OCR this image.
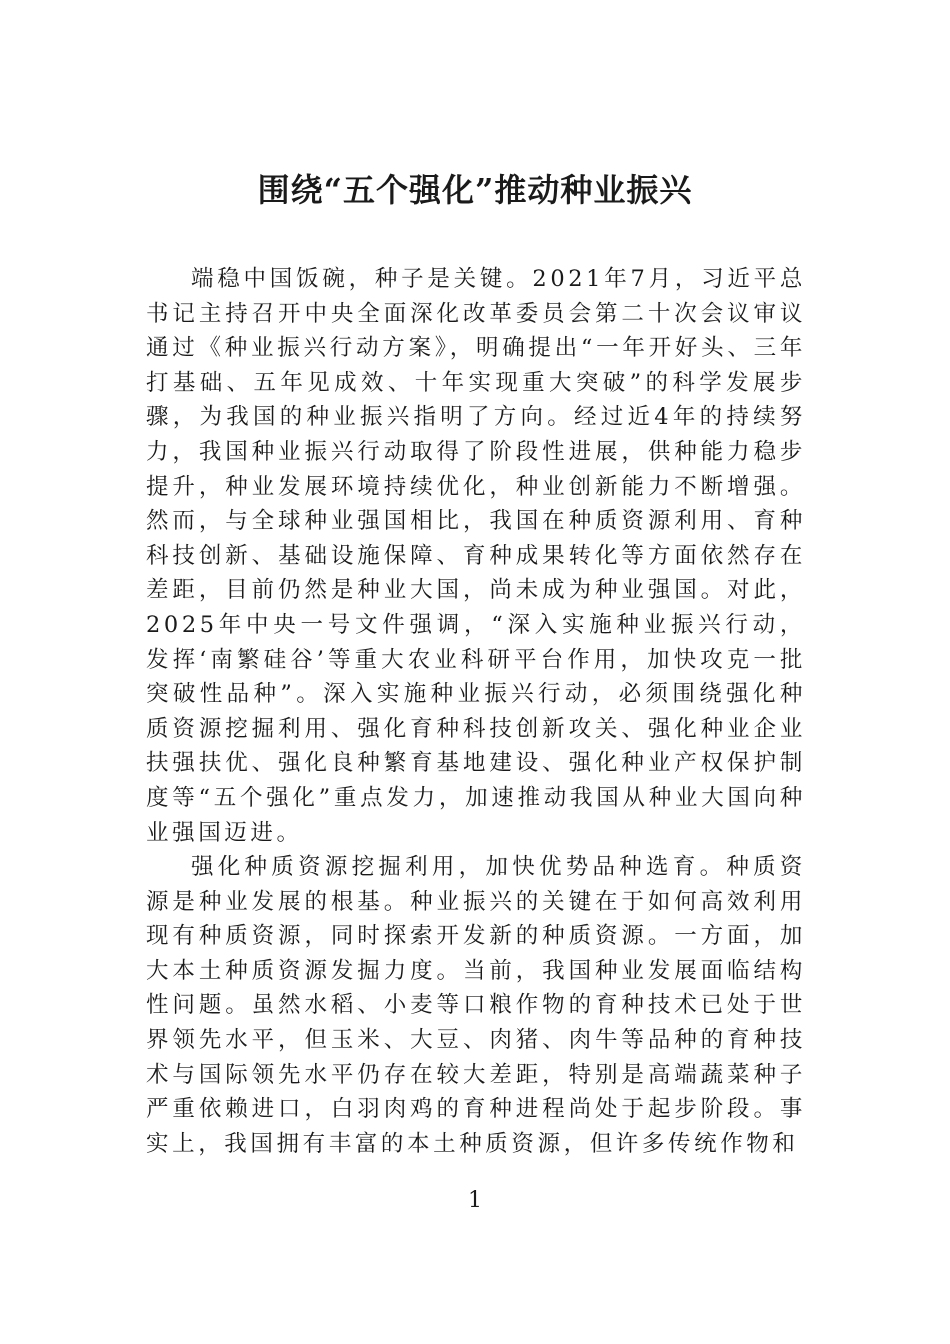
围绕“五个强化”推动种业振兴

端稳中国饭碗，种子是关键。2021年7月，习近平总书记主持召开中央全面深化改革委员会第二十次会议审议通过《种业振兴行动方案》，明确提出“一年开好头、三年打基础、五年见成效、十年实现重大突破”的科学发展步骤，为我国的种业振兴指明了方向。经过近4年的持续努力，我国种业振兴行动取得了阶段性进展，供种能力稳步提升，种业发展环境持续优化，种业创新能力不断增强。然而，与全球种业强国相比，我国在种质资源利用、育种科技创新、基础设施保障、育种成果转化等方面依然存在差距，目前仍然是种业大国，尚未成为种业强国。对此，2025年中央一号文件强调，“深入实施种业振兴行动，发挥‘南繁硅谷’等重大农业科研平台作用，加快攻克一批突破性品种”。深入实施种业振兴行动，必须围绕强化种质资源挖掘利用、强化育种科技创新攻关、强化种业企业扶强扶优、强化良种繁育基地建设、强化种业产权保护制度等“五个强化”重点发力，加速推动我国从种业大国向种业强国迈进。

强化种质资源挖掘利用，加快优势品种选育。种质资源是种业发展的根基。种业振兴的关键在于如何高效利用现有种质资源，同时探索开发新的种质资源。一方面，加大本土种质资源发掘力度。当前，我国种业发展面临结构性问题。虽然水稻、小麦等口粮作物的育种技术已处于世界领先水平，但玉米、大豆、肉猪、肉牛等品种的育种技术与国际领先水平仍存在较大差距，特别是高端蔬菜种子严重依赖进口，白羽肉鸡的育种进程尚处于起步阶段。事实上，我国拥有丰富的本土种质资源，但许多传统作物和

1
